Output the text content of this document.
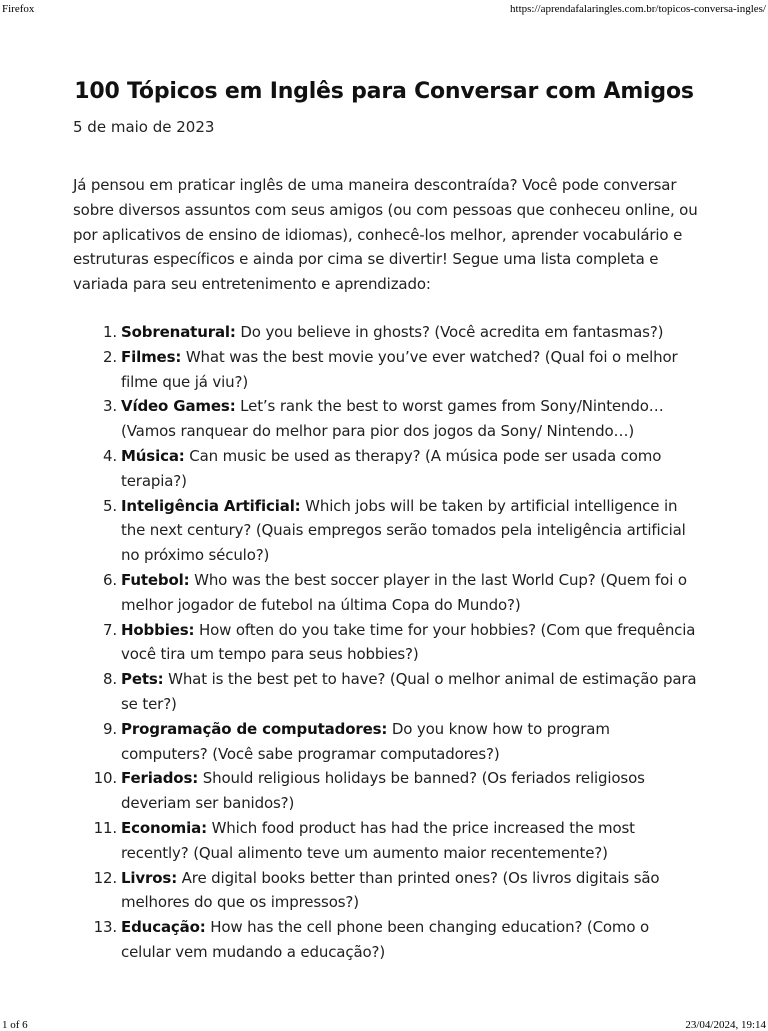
Firefox	https://aprendafalaringles.com.br/topicos-conversa-ingles/
100 Tópicos em Inglês para Conversar com Amigos
5 de maio de 2023

Já pensou em praticar inglês de uma maneira descontraída? Você pode conversar sobre diversos assuntos com seus amigos (ou com pessoas que conheceu online, ou por aplicativos de ensino de idiomas), conhecê-los melhor, aprender vocabulário e estruturas específicos e ainda por cima se divertir! Segue uma lista completa e variada para seu entretenimento e aprendizado:

1. Sobrenatural: Do you believe in ghosts? (Você acredita em fantasmas?)
2. Filmes: What was the best movie you’ve ever watched? (Qual foi o melhor filme que já viu?)
3. Vídeo Games: Let’s rank the best to worst games from Sony/Nintendo… (Vamos ranquear do melhor para pior dos jogos da Sony/ Nintendo…)
4. Música: Can music be used as therapy? (A música pode ser usada como terapia?)
5. Inteligência Artificial: Which jobs will be taken by artificial intelligence in the next century? (Quais empregos serão tomados pela inteligência artificial no próximo século?)
6. Futebol: Who was the best soccer player in the last World Cup? (Quem foi o melhor jogador de futebol na última Copa do Mundo?)
7. Hobbies: How often do you take time for your hobbies? (Com que frequência você tira um tempo para seus hobbies?)
8. Pets: What is the best pet to have? (Qual o melhor animal de estimação para se ter?)
9. Programação de computadores: Do you know how to program computers? (Você sabe programar computadores?)
10. Feriados: Should religious holidays be banned? (Os feriados religiosos deveriam ser banidos?)
11. Economia: Which food product has had the price increased the most recently? (Qual alimento teve um aumento maior recentemente?)
12. Livros: Are digital books better than printed ones? (Os livros digitais são melhores do que os impressos?)
13. Educação: How has the cell phone been changing education? (Como o celular vem mudando a educação?)
1 of 6	23/04/2024, 19:14
